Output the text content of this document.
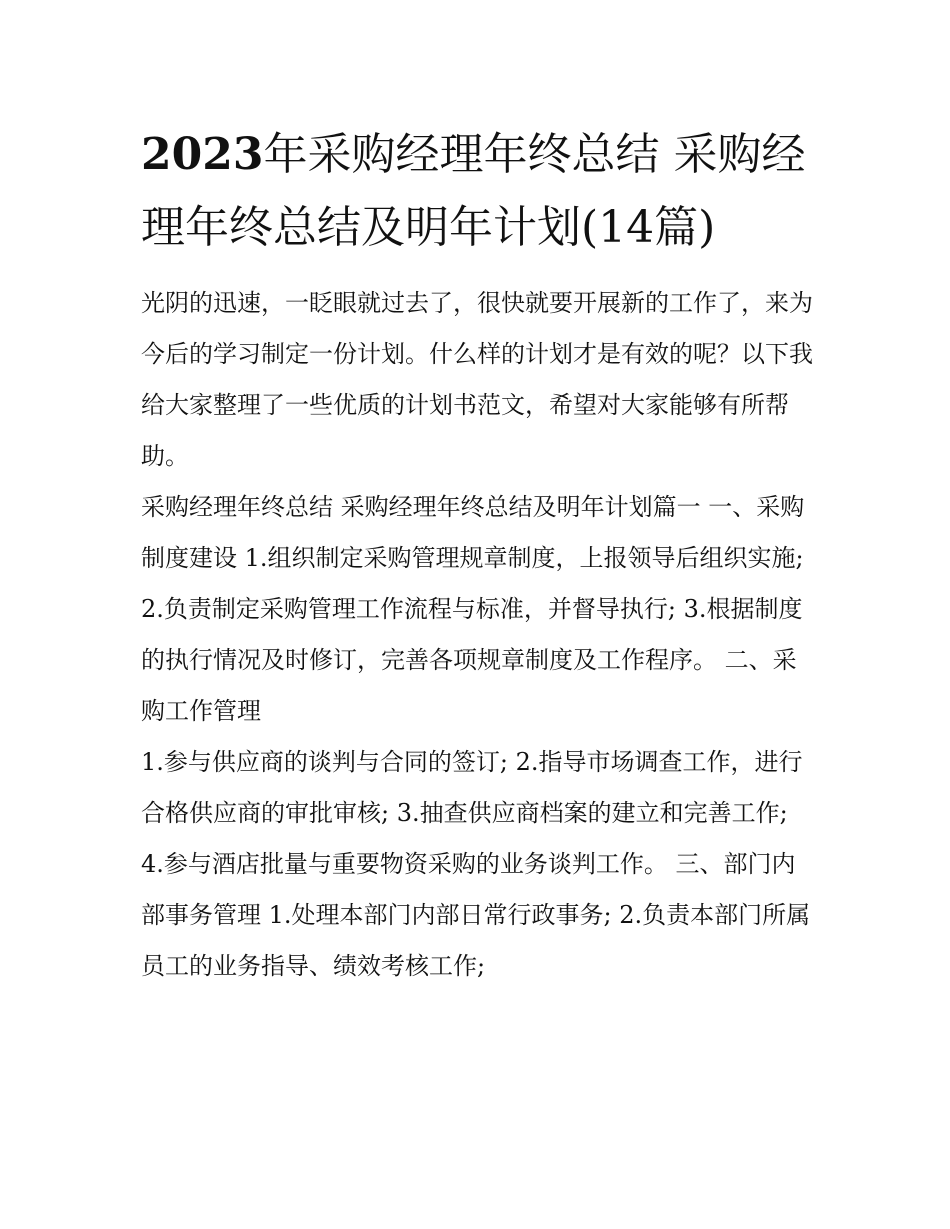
2023年采购经理年终总结 采购经理年终总结及明年计划(14篇)

光阴的迅速，一眨眼就过去了，很快就要开展新的工作了，来为今后的学习制定一份计划。什么样的计划才是有效的呢？以下我给大家整理了一些优质的计划书范文，希望对大家能够有所帮助。

采购经理年终总结 采购经理年终总结及明年计划篇一 一、采购制度建设 1.组织制定采购管理规章制度，上报领导后组织实施;

2.负责制定采购管理工作流程与标准，并督导执行; 3.根据制度的执行情况及时修订，完善各项规章制度及工作程序。 二、采购工作管理

1.参与供应商的谈判与合同的签订; 2.指导市场调查工作，进行合格供应商的审批审核; 3.抽查供应商档案的建立和完善工作; 4.参与酒店批量与重要物资采购的业务谈判工作。 三、部门内部事务管理 1.处理本部门内部日常行政事务; 2.负责本部门所属员工的业务指导、绩效考核工作;
